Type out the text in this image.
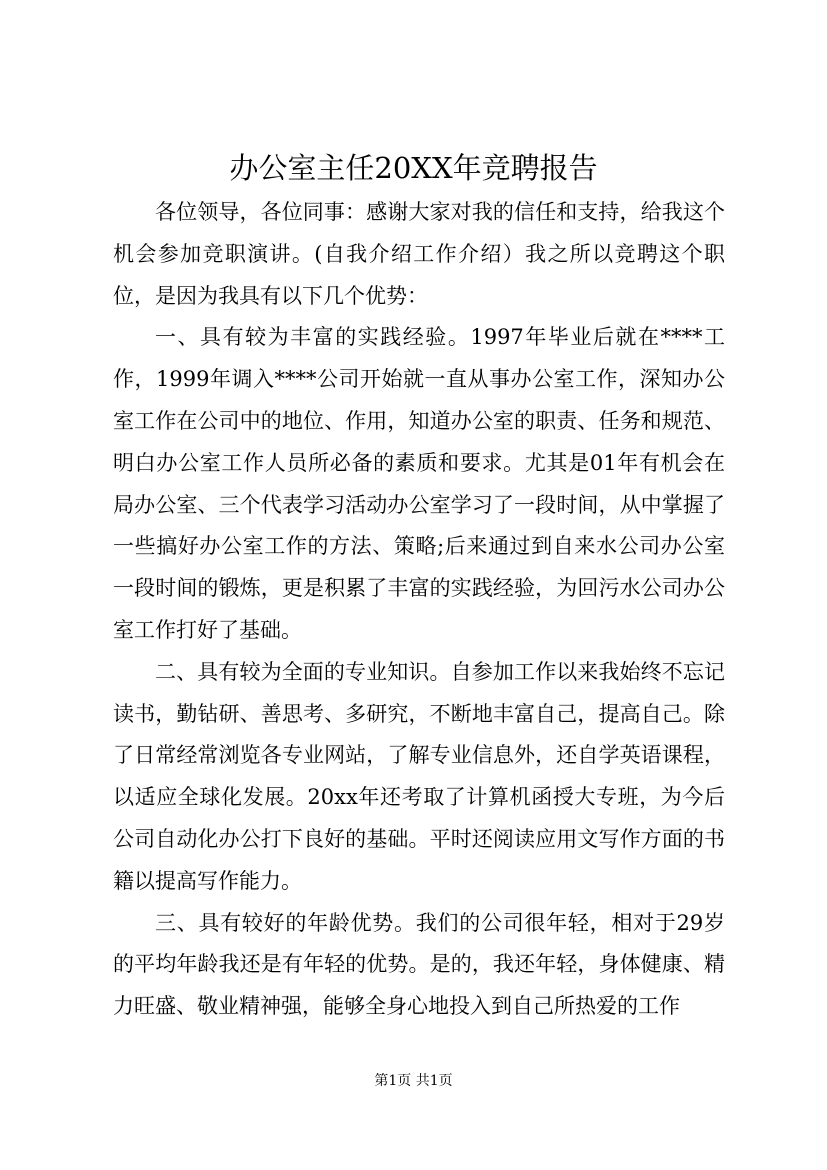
办公室主任20XX年竞聘报告

各位领导，各位同事：感谢大家对我的信任和支持，给我这个机会参加竞职演讲。(自我介绍工作介绍）我之所以竞聘这个职位，是因为我具有以下几个优势：

一、具有较为丰富的实践经验。1997年毕业后就在****工作，1999年调入****公司开始就一直从事办公室工作，深知办公室工作在公司中的地位、作用，知道办公室的职责、任务和规范、明白办公室工作人员所必备的素质和要求。尤其是01年有机会在局办公室、三个代表学习活动办公室学习了一段时间，从中掌握了一些搞好办公室工作的方法、策略;后来通过到自来水公司办公室一段时间的锻炼，更是积累了丰富的实践经验，为回污水公司办公室工作打好了基础。

二、具有较为全面的专业知识。自参加工作以来我始终不忘记读书，勤钻研、善思考、多研究，不断地丰富自己，提高自己。除了日常经常浏览各专业网站，了解专业信息外，还自学英语课程，以适应全球化发展。20xx年还考取了计算机函授大专班，为今后公司自动化办公打下良好的基础。平时还阅读应用文写作方面的书籍以提高写作能力。

三、具有较好的年龄优势。我们的公司很年轻，相对于29岁的平均年龄我还是有年轻的优势。是的，我还年轻，身体健康、精力旺盛、敬业精神强，能够全身心地投入到自己所热爱的工作

第1页 共1页
